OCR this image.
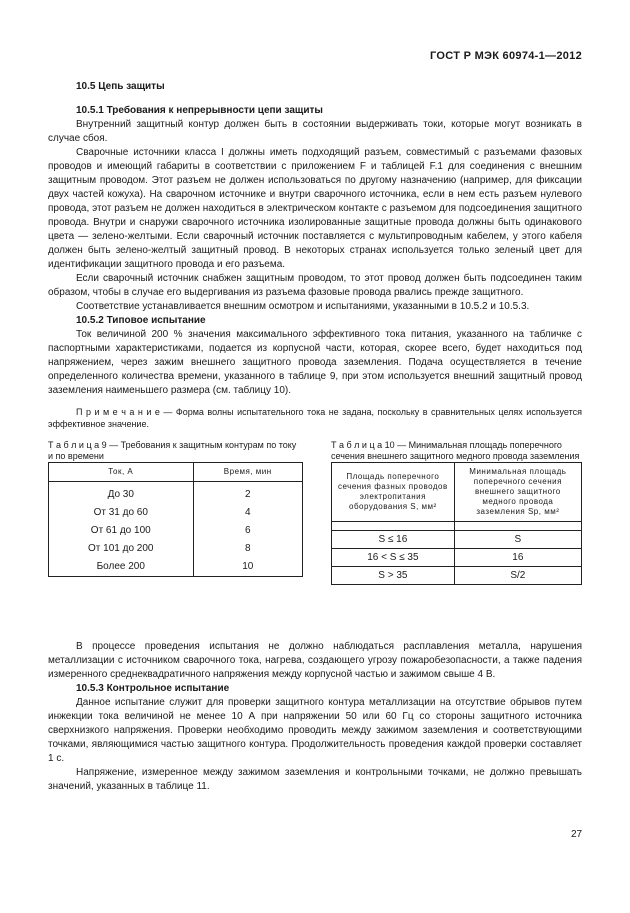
ГОСТ Р МЭК 60974-1—2012

10.5 Цепь защиты

10.5.1 Требования к непрерывности цепи защиты

Внутренний защитный контур должен быть в состоянии выдерживать токи, которые могут возникать в случае сбоя.

Сварочные источники класса I должны иметь подходящий разъем, совместимый с разъемами фазовых проводов и имеющий габариты в соответствии с приложением F и таблицей F.1 для соединения с внешним защитным проводом. Этот разъем не должен использоваться по другому назначению (например, для фиксации двух частей кожуха). На сварочном источнике и внутри сварочного источника, если в нем есть разъем нулевого провода, этот разъем не должен находиться в электрическом контакте с разъемом для подсоединения защитного провода. Внутри и снаружи сварочного источника изолированные защитные провода должны быть одинакового цвета — зелено-желтыми. Если сварочный источник поставляется с мультипроводным кабелем, у этого кабеля должен быть зелено-желтый защитный провод. В некоторых странах используется только зеленый цвет для идентификации защитного провода и его разъема.

Если сварочный источник снабжен защитным проводом, то этот провод должен быть подсоединен таким образом, чтобы в случае его выдергивания из разъема фазовые провода рвались прежде защитного.

Соответствие устанавливается внешним осмотром и испытаниями, указанными в 10.5.2 и 10.5.3.

10.5.2 Типовое испытание

Ток величиной 200 % значения максимального эффективного тока питания, указанного на табличке с паспортными характеристиками, подается из корпусной части, которая, скорее всего, будет находиться под напряжением, через зажим внешнего защитного провода заземления. Подача осуществляется в течение определенного количества времени, указанного в таблице 9, при этом используется внешний защитный провод заземления наименьшего размера (см. таблицу 10).

П р и м е ч а н и е — Форма волны испытательного тока не задана, поскольку в сравнительных целях используется эффективное значение.

Т а б л и ц а 9 — Требования к защитным контурам по току и по времени

Ток, А	Время, мин
До 30	2
От 31 до 60	4
От 61 до 100	6
От 101 до 200	8
Более 200	10

Т а б л и ц а 10 — Минимальная площадь поперечного сечения внешнего защитного медного провода заземления

Площадь поперечного сечения фазных проводов электропитания оборудования S, мм²	Минимальная площадь поперечного сечения внешнего защитного медного провода заземления Sp, мм²

S ≤ 16	S
16 < S ≤ 35	16
S > 35	S/2

В процессе проведения испытания не должно наблюдаться расплавления металла, нарушения металлизации с источником сварочного тока, нагрева, создающего угрозу пожаробезопасности, а также падения измеренного среднеквадратичного напряжения между корпусной частью и зажимом свыше 4 В.

10.5.3 Контрольное испытание

Данное испытание служит для проверки защитного контура металлизации на отсутствие обрывов путем инжекции тока величиной не менее 10 А при напряжении 50 или 60 Гц со стороны защитного источника сверхнизкого напряжения. Проверки необходимо проводить между зажимом заземления и соответствующими точками, являющимися частью защитного контура. Продолжительность проведения каждой проверки составляет 1 с.

Напряжение, измеренное между зажимом заземления и контрольными точками, не должно превышать значений, указанных в таблице 11.

27
